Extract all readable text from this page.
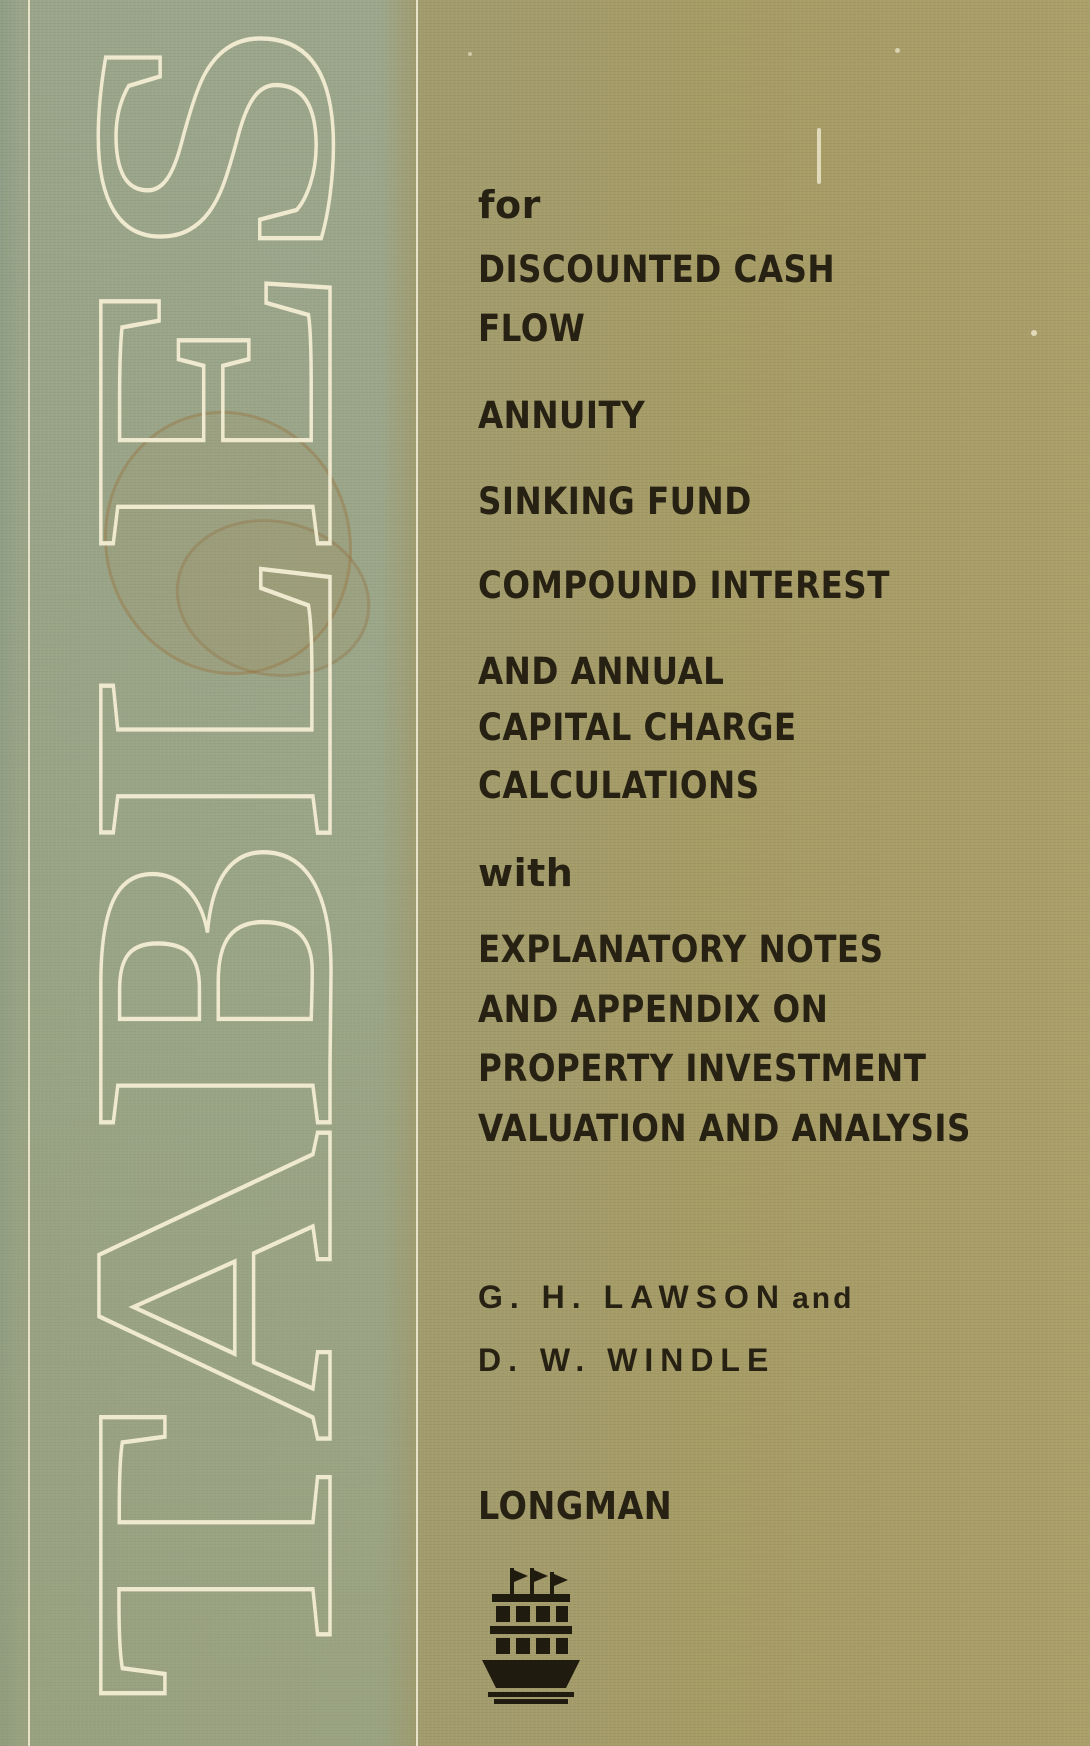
TABLES
for
DISCOUNTED CASH
FLOW
ANNUITY
SINKING FUND
COMPOUND INTEREST
AND ANNUAL
CAPITAL CHARGE
CALCULATIONS
with
EXPLANATORY NOTES
AND APPENDIX ON
PROPERTY INVESTMENT
VALUATION AND ANALYSIS
G. H. LAWSON and
D. W. WINDLE
LONGMAN
